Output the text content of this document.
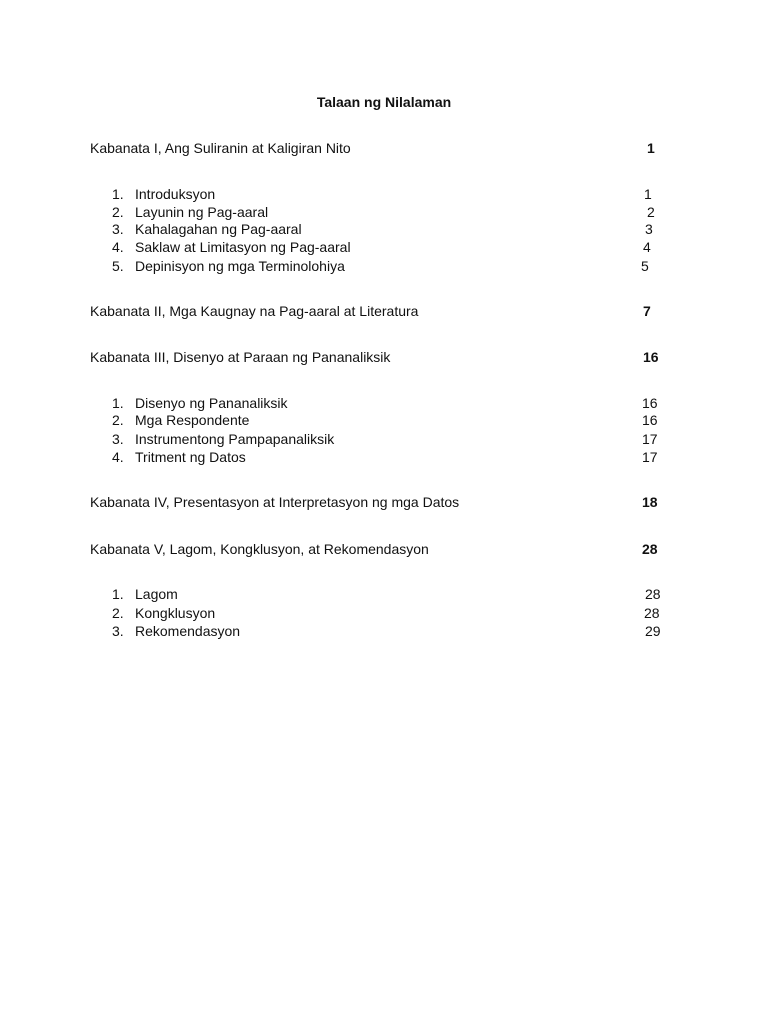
Talaan ng Nilalaman
Kabanata I, Ang Suliranin at Kaligiran Nito	1
1. Introduksyon	1
2. Layunin ng Pag-aaral	2
3. Kahalagahan ng Pag-aaral	3
4. Saklaw at Limitasyon ng Pag-aaral	4
5. Depinisyon ng mga Terminolohiya	5
Kabanata II, Mga Kaugnay na Pag-aaral at Literatura	7
Kabanata III, Disenyo at Paraan ng Pananaliksik	16
1. Disenyo ng Pananaliksik	16
2. Mga Respondente	16
3. Instrumentong Pampapanaliksik	17
4. Tritment ng Datos	17
Kabanata IV, Presentasyon at Interpretasyon ng mga Datos	18
Kabanata V, Lagom, Kongklusyon, at Rekomendasyon	28
1. Lagom	28
2. Kongklusyon	28
3. Rekomendasyon	29
